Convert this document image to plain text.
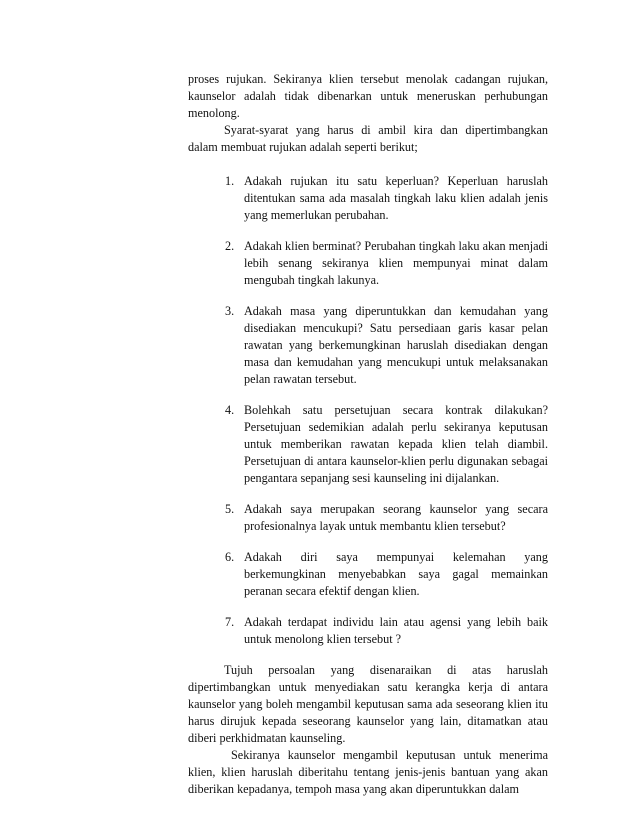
proses rujukan. Sekiranya klien tersebut menolak cadangan rujukan, kaunselor adalah tidak dibenarkan untuk meneruskan perhubungan menolong.

Syarat-syarat yang harus di ambil kira dan dipertimbangkan dalam membuat rujukan adalah seperti berikut;

1. Adakah rujukan itu satu keperluan? Keperluan haruslah ditentukan sama ada masalah tingkah laku klien adalah jenis yang memerlukan perubahan.
2. Adakah klien berminat? Perubahan tingkah laku akan menjadi lebih senang sekiranya klien mempunyai minat dalam mengubah tingkah lakunya.
3. Adakah masa yang diperuntukkan dan kemudahan yang disediakan mencukupi? Satu persediaan garis kasar pelan rawatan yang berkemungkinan haruslah disediakan dengan masa dan kemudahan yang mencukupi untuk melaksanakan pelan rawatan tersebut.
4. Bolehkah satu persetujuan secara kontrak dilakukan? Persetujuan sedemikian adalah perlu sekiranya keputusan untuk memberikan rawatan kepada klien telah diambil. Persetujuan di antara kaunselor-klien perlu digunakan sebagai pengantara sepanjang sesi kaunseling ini dijalankan.
5. Adakah saya merupakan seorang kaunselor yang secara profesionalnya layak untuk membantu klien tersebut?
6. Adakah diri saya mempunyai kelemahan yang berkemungkinan menyebabkan saya gagal memainkan peranan secara efektif dengan klien.
7. Adakah terdapat individu lain atau agensi yang lebih baik untuk menolong klien tersebut ?

Tujuh persoalan yang disenaraikan di atas haruslah dipertimbangkan untuk menyediakan satu kerangka kerja di antara kaunselor yang boleh mengambil keputusan sama ada seseorang klien itu harus dirujuk kepada seseorang kaunselor yang lain, ditamatkan atau diberi perkhidmatan kaunseling.

Sekiranya kaunselor mengambil keputusan untuk menerima klien, klien haruslah diberitahu tentang jenis-jenis bantuan yang akan diberikan kepadanya, tempoh masa yang akan diperuntukkan dalam
